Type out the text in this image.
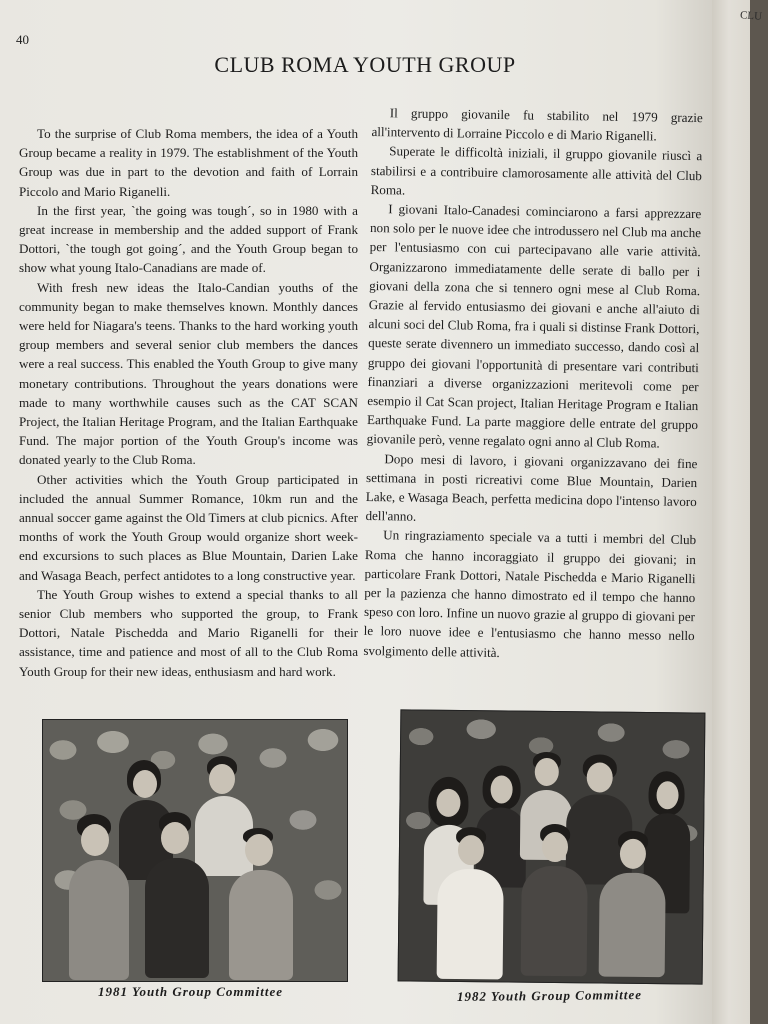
40
CLUB ROMA YOUTH GROUP

To the surprise of Club Roma members, the idea of a Youth Group became a reality in 1979. The establishment of the Youth Group was due in part to the devotion and faith of Lorrain Piccolo and Mario Riganelli.

In the first year, `the going was tough´, so in 1980 with a great increase in membership and the added support of Frank Dottori, `the tough got going´, and the Youth Group began to show what young Italo-Canadians are made of.

With fresh new ideas the Italo-Candian youths of the community began to make themselves known. Monthly dances were held for Niagara's teens. Thanks to the hard working youth group members and several senior club members the dances were a real success. This enabled the Youth Group to give many monetary contributions. Throughout the years donations were made to many worthwhile causes such as the CAT SCAN Project, the Italian Heritage Program, and the Italian Earthquake Fund. The major portion of the Youth Group's income was donated yearly to the Club Roma.

Other activities which the Youth Group participated in included the annual Summer Romance, 10km run and the annual soccer game against the Old Timers at club picnics. After months of work the Youth Group would organize short week-end excursions to such places as Blue Mountain, Darien Lake and Wasaga Beach, perfect antidotes to a long constructive year.

The Youth Group wishes to extend a special thanks to all senior Club members who supported the group, to Frank Dottori, Natale Pischedda and Mario Riganelli for their assistance, time and patience and most of all to the Club Roma Youth Group for their new ideas, enthusiasm and hard work.

Il gruppo giovanile fu stabilito nel 1979 grazie all'intervento di Lorraine Piccolo e di Mario Riganelli.

Superate le difficoltà iniziali, il gruppo giovanile riuscì a stabilirsi e a contribuire clamorosamente alle attività del Club Roma.

I giovani Italo-Canadesi cominciarono a farsi apprezzare non solo per le nuove idee che introdussero nel Club ma anche per l'entusiasmo con cui partecipavano alle varie attività. Organizzarono immediatamente delle serate di ballo per i giovani della zona che si tennero ogni mese al Club Roma. Grazie al fervido entusiasmo dei giovani e anche all'aiuto di alcuni soci del Club Roma, fra i quali si distinse Frank Dottori, queste serate divennero un immediato successo, dando così al gruppo dei giovani l'opportunità di presentare vari contributi finanziari a diverse organizzazioni meritevoli come per esempio il Cat Scan project, Italian Heritage Program e Italian Earthquake Fund. La parte maggiore delle entrate del gruppo giovanile però, venne regalato ogni anno al Club Roma.

Dopo mesi di lavoro, i giovani organizzavano dei fine settimana in posti ricreativi come Blue Mountain, Darien Lake, e Wasaga Beach, perfetta medicina dopo l'intenso lavoro dell'anno.

Un ringraziamento speciale va a tutti i membri del Club Roma che hanno incoraggiato il gruppo dei giovani; in particolare Frank Dottori, Natale Pischedda e Mario Riganelli per la pazienza che hanno dimostrato ed il tempo che hanno speso con loro. Infine un nuovo grazie al gruppo di giovani per le loro nuove idee e l'entusiasmo che hanno messo nello svolgimento delle attività.

1981 Youth Group Committee	1982 Youth Group Committee
CLU
